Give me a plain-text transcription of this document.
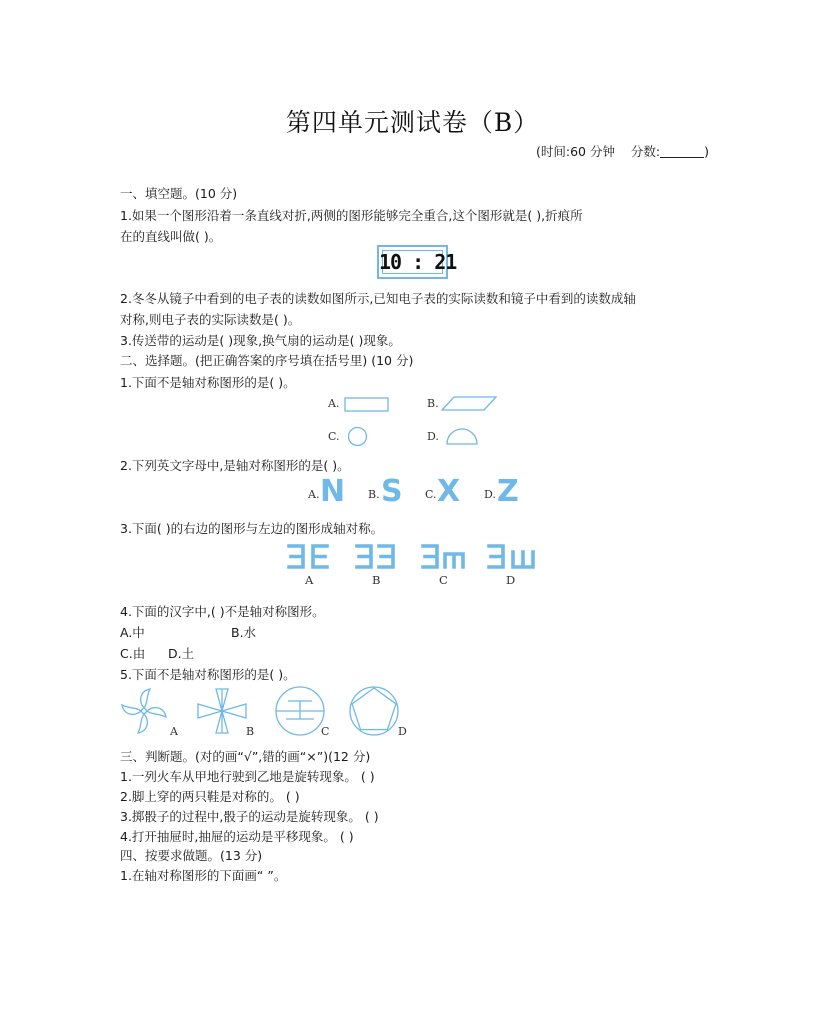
第四单元测试卷（B）
(时间:60 分钟 分数:	)
一、填空题。(10 分)
1.如果一个图形沿着一条直线对折,两侧的图形能够完全重合,这个图形就是( ),折痕所
在的直线叫做( )。
10 : 21
2.冬冬从镜子中看到的电子表的读数如图所示,已知电子表的实际读数和镜子中看到的读数成轴
对称,则电子表的实际读数是( )。
3.传送带的运动是( )现象,换气扇的运动是( )现象。
二、选择题。(把正确答案的序号填在括号里) (10 分)
1.下面不是轴对称图形的是( )。
A.	B.
C.	D.
2.下列英文字母中,是轴对称图形的是( )。
A. N B. S C. X D. Z
3.下面( )的右边的图形与左边的图形成轴对称。
A	B	C	D
4.下面的汉字中,( )不是轴对称图形。
A.中	B.水
C.由 D.土
5.下面不是轴对称图形的是( )。
A	B	C	D
三、判断题。(对的画“√”,错的画“×”)(12 分)
1.一列火车从甲地行驶到乙地是旋转现象。 ( )
2.脚上穿的两只鞋是对称的。 ( )
3.掷骰子的过程中,骰子的运动是旋转现象。 ( )
4.打开抽屉时,抽屉的运动是平移现象。 ( )
四、按要求做题。(13 分)
1.在轴对称图形的下面画“ ”。
